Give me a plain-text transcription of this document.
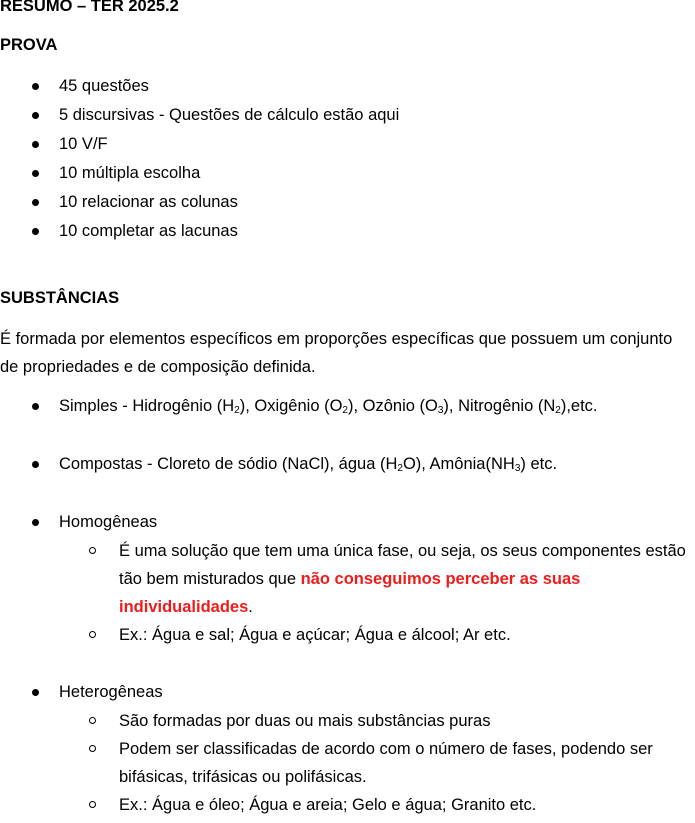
RESUMO – TER 2025.2

PROVA

45 questões
5 discursivas - Questões de cálculo estão aqui
10 V/F
10 múltipla escolha
10 relacionar as colunas
10 completar as lacunas

SUBSTÂNCIAS

É formada por elementos específicos em proporções específicas que possuem um conjunto de propriedades e de composição definida.

Simples - Hidrogênio $(H_2)$, Oxigênio $(O_2)$, Ozônio $(O_3)$, Nitrogênio $(N_2),etc$.
Compostas - Cloreto de sódio (NaCl), água $(H_2O)$, $Amônia(NH_3)$ etc.
Homogêneas
É uma solução que tem uma única fase, ou seja, os seus componentes estão tão bem misturados que não conseguimos perceber as suas individualidades.
Ex.: Água e sal; Água e açúcar; Água e álcool; Ar etc.
Heterogêneas
São formadas por duas ou mais substâncias puras
Podem ser classificadas de acordo com o número de fases, podendo ser bifásicas, trifásicas ou polifásicas.
Ex.: Água e óleo; Água e areia; Gelo e água; Granito etc.
